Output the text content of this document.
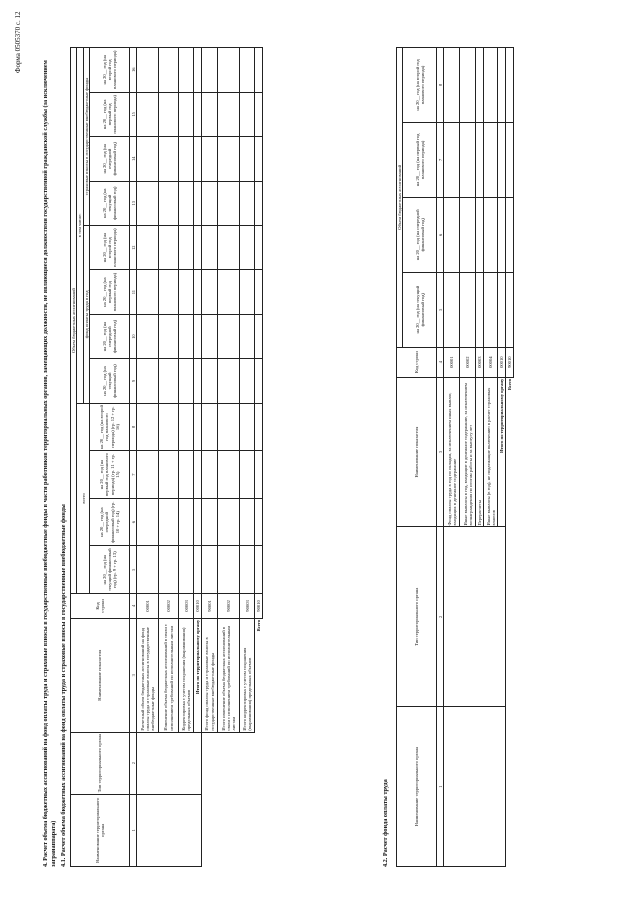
Форма 0505370 с. 12
4. Расчет объема бюджетных ассигнований на фонд оплаты труда и страховые взносы в государственные внебюджетные фонды в части работников территориальных органов, замещающих должности, не являющиеся должностями государственной гражданской службы (за исключением загранаппарата) 4.1. Расчет объема бюджетных ассигнований на фонд оплаты труда и страховые взносы в государственные внебюджетные фонды	Наименование территориального органа	Тип территориального органа	Наименование показателя	Код строки	Объем бюджетных ассигнований											
				всего				в том числе:							
								фонд оплаты труда в год				страховые взносы в государственные внебюджетные фонды			
				на 20__ год (на текущий финансовый год) (гр. 9 + гр. 13)	на 20__ год (на очередной финансовый год) (гр. 10 + гр. 14)	на 20__ год (на первый год планового периода) (гр. 11 + гр. 15)	на 20__ год (на второй год планового периода) (гр. 12 + гр. 16)	на 20__ год (на текущий финансовый год)	на 20__ год (на очередной финансовый год)	на 20__ год (на первый год планового периода)	на 20__ год (на второй год планового периода)	на 20__ год (на текущий финансовый год)	на 20__ год (на очередной финансовый год)	на 20__ год (на первый год планового периода)	на 20__ год (на второй год планового периода)
1	2	3	4	5	6	7	8	9	10	11	12	13	14	15	16
		Расчетный объем бюджетных ассигнований на фонд оплаты труда и страховые взносы в государственные внебюджетные фонды	00001												
		Изменение объема бюджетных ассигнований в связи с исполнением требований по исполнительным листам	00002												
		Корректировка с учетом сохранения (выравнивания) предельных объемов	00003												
		Итого по территориальному органу	00010												
		Итого фонд оплаты труда и страховые взносы в государственные внебюджетные фонды	90001												
		Итого изменение объема бюджетных ассигнований в связи с исполнением требований по исполнительным листам	90002												
		Итого корректировка с учетом сохранения (выравнивания) предельных объемов	90003												
Всего			90010												
4.2. Расчет фонда оплаты труда	Наименование территориального органа	Тип территориального органа	Наименование показателя	Код строки	Объем бюджетных ассигнований			
				на 20__ год (на текущий финансовый год)	на 20__ год (на очередной финансовый год)	на 20__ год (на первый год планового периода)	на 20__ год (на второй год планового периода)
1	2	3	4	5	6	7	8
		Фонд оплаты труда в год по окладам, за исключением иных выплат, входящих в денежное содержание	00001				
		Иные выплаты в год, входящие в денежное содержание, за исключением вознаграждения по итогам работы и за выслугу лет	00002				
		Перерасчеты	00003				
		Иные выплаты (в год), не подлежащие включению в расчет страховых взносов	00004				
		Итого по территориальному органу	00010				
Всего			90010				
